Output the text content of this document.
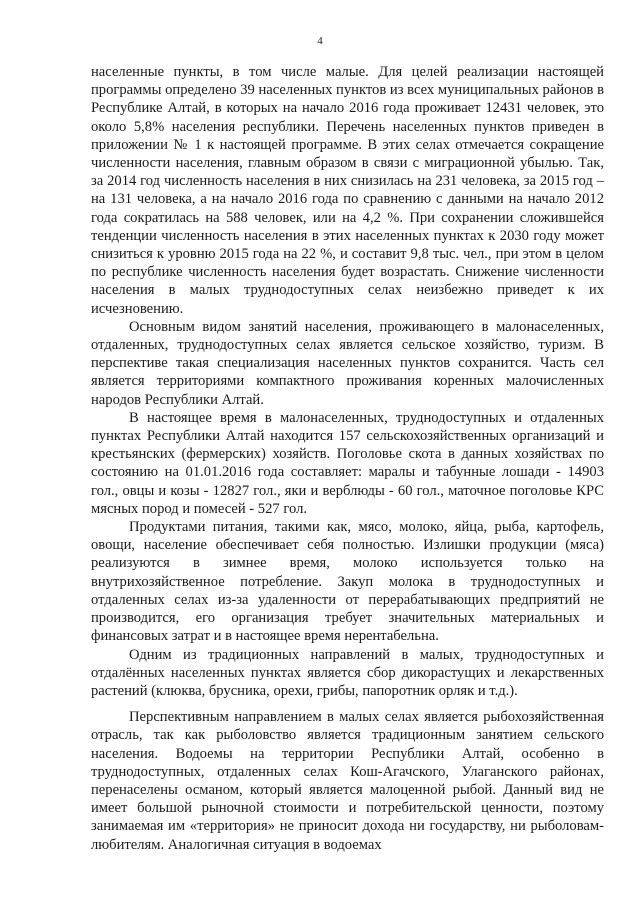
4

населенные пункты, в том числе малые. Для целей реализации настоящей программы определено 39 населенных пунктов из всех муниципальных районов в Республике Алтай, в которых на начало 2016 года проживает 12431 человек, это около 5,8% населения республики. Перечень населенных пунктов приведен в приложении № 1 к настоящей программе. В этих селах отмечается сокращение численности населения, главным образом в связи с миграционной убылью. Так, за 2014 год численность населения в них снизилась на 231 человека, за 2015 год – на 131 человека, а на начало 2016 года по сравнению с данными на начало 2012 года сократилась на 588 человек, или на 4,2 %. При сохранении сложившейся тенденции численность населения в этих населенных пунктах к 2030 году может снизиться к уровню 2015 года на 22 %, и составит 9,8 тыс. чел., при этом в целом по республике численность населения будет возрастать. Снижение численности населения в малых труднодоступных селах неизбежно приведет к их исчезновению.

Основным видом занятий населения, проживающего в малонаселенных, отдаленных, труднодоступных селах является сельское хозяйство, туризм. В перспективе такая специализация населенных пунктов сохранится. Часть сел является территориями компактного проживания коренных малочисленных народов Республики Алтай.

В настоящее время в малонаселенных, труднодоступных и отдаленных пунктах Республики Алтай находится 157 сельскохозяйственных организаций и крестьянских (фермерских) хозяйств. Поголовье скота в данных хозяйствах по состоянию на 01.01.2016 года составляет: маралы и табунные лошади - 14903 гол., овцы и козы - 12827 гол., яки и верблюды - 60 гол., маточное поголовье КРС мясных пород и помесей - 527 гол.

Продуктами питания, такими как, мясо, молоко, яйца, рыба, картофель, овощи, население обеспечивает себя полностью. Излишки продукции (мяса) реализуются в зимнее время, молоко используется только на внутрихозяйственное потребление. Закуп молока в труднодоступных и отдаленных селах из-за удаленности от перерабатывающих предприятий не производится, его организация требует значительных материальных и финансовых затрат и в настоящее время нерентабельна.

Одним из традиционных направлений в малых, труднодоступных и отдалённых населенных пунктах является сбор дикорастущих и лекарственных растений (клюква, брусника, орехи, грибы, папоротник орляк и т.д.).

Перспективным направлением в малых селах является рыбохозяйственная отрасль, так как рыболовство является традиционным занятием сельского населения. Водоемы на территории Республики Алтай, особенно в труднодоступных, отдаленных селах Кош-Агачского, Улаганского районах, перенаселены османом, который является малоценной рыбой. Данный вид не имеет большой рыночной стоимости и потребительской ценности, поэтому занимаемая им «территория» не приносит дохода ни государству, ни рыболовам-любителям. Аналогичная ситуация в водоемах
